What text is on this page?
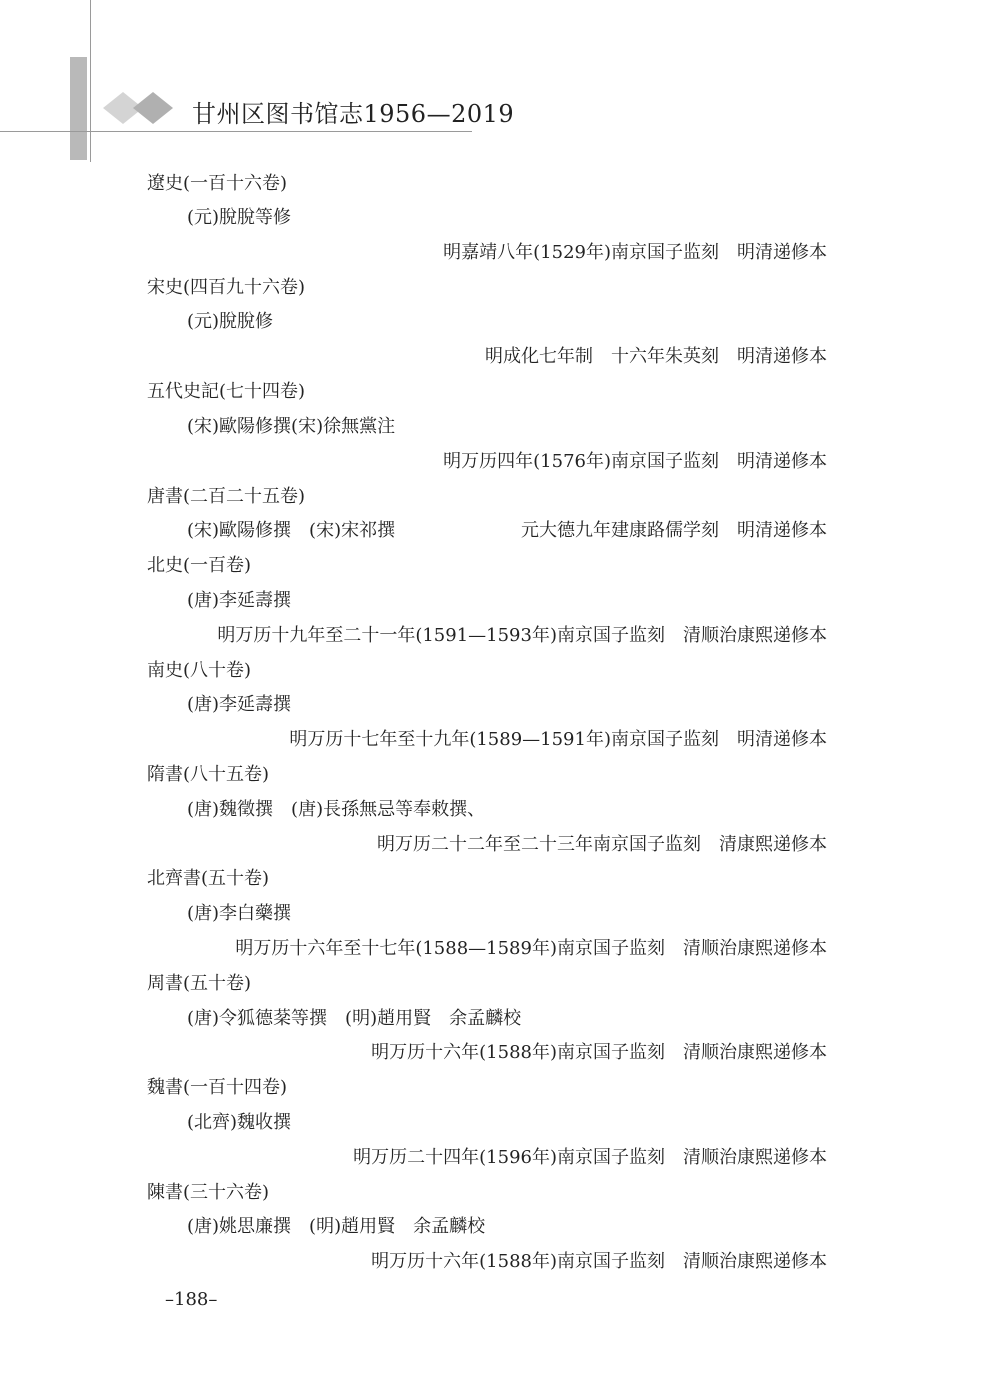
甘州区图书馆志1956—2019
遼史(一百十六卷)
(元)脫脫等修
明嘉靖八年(1529年)南京国子监刻　明清递修本
宋史(四百九十六卷)
(元)脫脫修
明成化七年制　十六年朱英刻　明清递修本
五代史記(七十四卷)
(宋)歐陽修撰(宋)徐無黨注
明万历四年(1576年)南京国子监刻　明清递修本
唐書(二百二十五卷)
(宋)歐陽修撰　(宋)宋祁撰	元大德九年建康路儒学刻　明清递修本
北史(一百卷)
(唐)李延壽撰
明万历十九年至二十一年(1591—1593年)南京国子监刻　清顺治康熙递修本
南史(八十卷)
(唐)李延壽撰
明万历十七年至十九年(1589—1591年)南京国子监刻　明清递修本
隋書(八十五卷)
(唐)魏徵撰　(唐)長孫無忌等奉敕撰、
明万历二十二年至二十三年南京国子监刻　清康熙递修本
北齊書(五十卷)
(唐)李白藥撰
明万历十六年至十七年(1588—1589年)南京国子监刻　清顺治康熙递修本
周書(五十卷)
(唐)令狐德棻等撰　(明)趙用賢　余孟麟校
明万历十六年(1588年)南京国子监刻　清顺治康熙递修本
魏書(一百十四卷)
(北齊)魏收撰
明万历二十四年(1596年)南京国子监刻　清顺治康熙递修本
陳書(三十六卷)
(唐)姚思廉撰　(明)趙用賢　余孟麟校
明万历十六年(1588年)南京国子监刻　清顺治康熙递修本
–188–
